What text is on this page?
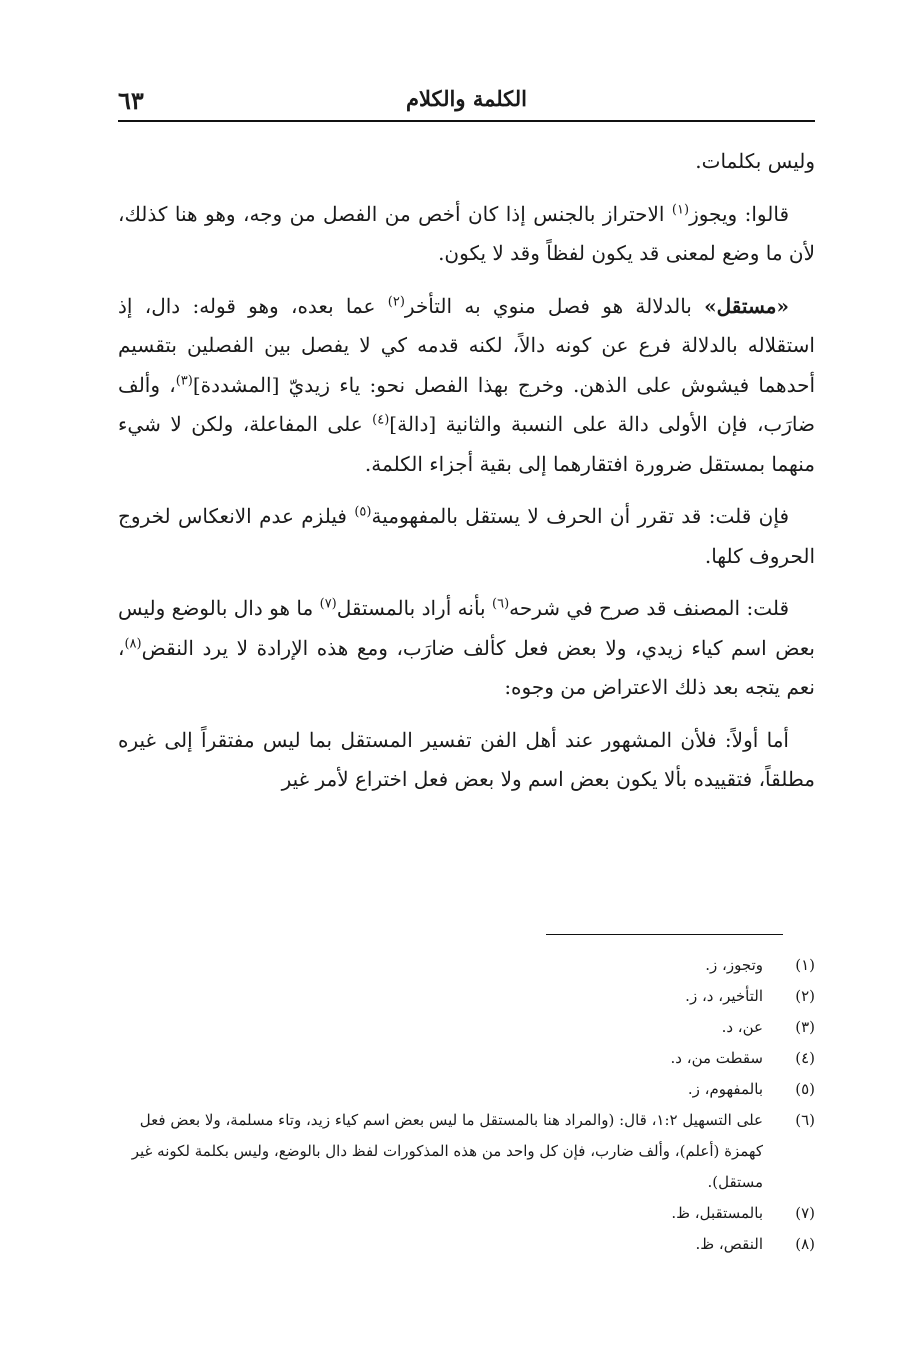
٦٣	الكلمة والكلام

وليس بكلمات.

قالوا: ويجوز$^{(١)}$ الاحتراز بالجنس إذا كان أخص من الفصل من وجه، وهو هنا كذلك، لأن ما وضع لمعنى قد يكون لفظاً وقد لا يكون.

«مستقل» بالدلالة هو فصل منوي به التأخر$^{(٢)}$ عما بعده، وهو قوله: دال، إذ استقلاله بالدلالة فرع عن كونه دالاً، لكنه قدمه كي لا يفصل بين الفصلين بتقسيم أحدهما فيشوش على الذهن. وخرج بهذا الفصل نحو: ياء زيديّ [المشددة]$^{(٣)}$، وألف ضارَب، فإن الأولى دالة على النسبة والثانية [دالة]$^{(٤)}$ على المفاعلة، ولكن لا شيء منهما بمستقل ضرورة افتقارهما إلى بقية أجزاء الكلمة.

فإن قلت: قد تقرر أن الحرف لا يستقل بالمفهومية$^{(٥)}$ فيلزم عدم الانعكاس لخروج الحروف كلها.

قلت: المصنف قد صرح في شرحه$^{(٦)}$ بأنه أراد بالمستقل$^{(٧)}$ ما هو دال بالوضع وليس بعض اسم كياء زيدي، ولا بعض فعل كألف ضارَب، ومع هذه الإرادة لا يرد النقض$^{(٨)}$، نعم يتجه بعد ذلك الاعتراض من وجوه:

أما أولاً: فلأن المشهور عند أهل الفن تفسير المستقل بما ليس مفتقراً إلى غيره مطلقاً، فتقييده بألا يكون بعض اسم ولا بعض فعل اختراع لأمر غير

(١)
وتجوز، ز.
(٢)
التأخير، د، ز.
(٣)
عن، د.
(٤)
سقطت من، د.
(٥)
بالمفهوم، ز.
(٦)
على التسهيل ١:٢، قال: (والمراد هنا بالمستقل ما ليس بعض اسم كياء زيد، وتاء مسلمة، ولا بعض فعل كهمزة (أعلم)، وألف ضارب، فإن كل واحد من هذه المذكورات لفظ دال بالوضع، وليس بكلمة لكونه غير مستقل).
(٧)
بالمستقبل، ظ.
(٨)
النقص، ظ.
